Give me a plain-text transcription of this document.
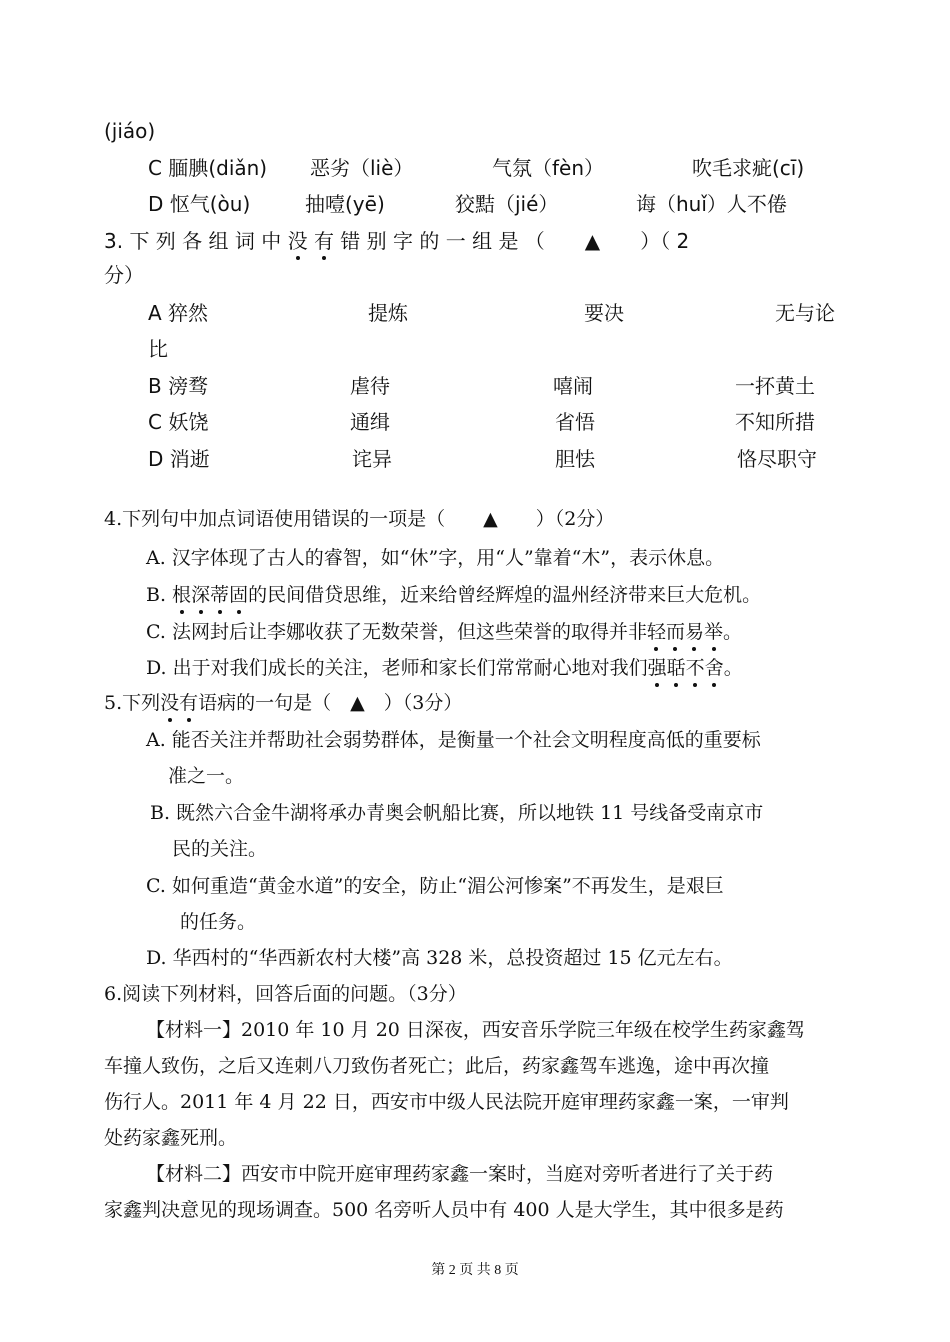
(jiáo)
C 腼腆(diǎn) 恶劣（liè）	气氛（fèn）	吹毛求疵(cī)
D 怄气(òu)	抽噎(yē)	狡黠（jié）	诲（huǐ）人不倦
3. 下 列 各 组 词 中 没 有 错 别 字 的 一 组 是 （　　▲　　）（ 2
分）
A 猝然	提炼	要决	无与论
比
B 滂骛	虐待	嘻闹	一抔黄土
C 妖饶	通缉	省悟	不知所措
D 消逝	诧异	胆怯	恪尽职守
4.下列句中加点词语使用错误的一项是（　　▲　　）（2分）
A. 汉字体现了古人的睿智，如“休”字，用“人”靠着“木”，表示休息。
B. 根深蒂固的民间借贷思维，近来给曾经辉煌的温州经济带来巨大危机。
C. 法网封后让李娜收获了无数荣誉，但这些荣誉的取得并非轻而易举。
D. 出于对我们成长的关注，老师和家长们常常耐心地对我们强聒不舍。
5.下列没有语病的一句是（　▲　）（3分）
A. 能否关注并帮助社会弱势群体，是衡量一个社会文明程度高低的重要标
准之一。
B. 既然六合金牛湖将承办青奥会帆船比赛，所以地铁 11 号线备受南京市
民的关注。
C. 如何重造“黄金水道”的安全，防止“湄公河惨案”不再发生，是艰巨
的任务。
D. 华西村的“华西新农村大楼”高 328 米，总投资超过 15 亿元左右。
6.阅读下列材料，回答后面的问题。（3分）
【材料一】2010 年 10 月 20 日深夜，西安音乐学院三年级在校学生药家鑫驾
车撞人致伤，之后又连刺八刀致伤者死亡；此后，药家鑫驾车逃逸，途中再次撞
伤行人。2011 年 4 月 22 日，西安市中级人民法院开庭审理药家鑫一案，一审判
处药家鑫死刑。
【材料二】西安市中院开庭审理药家鑫一案时，当庭对旁听者进行了关于药
家鑫判决意见的现场调查。500 名旁听人员中有 400 人是大学生，其中很多是药
第 2 页 共 8 页
